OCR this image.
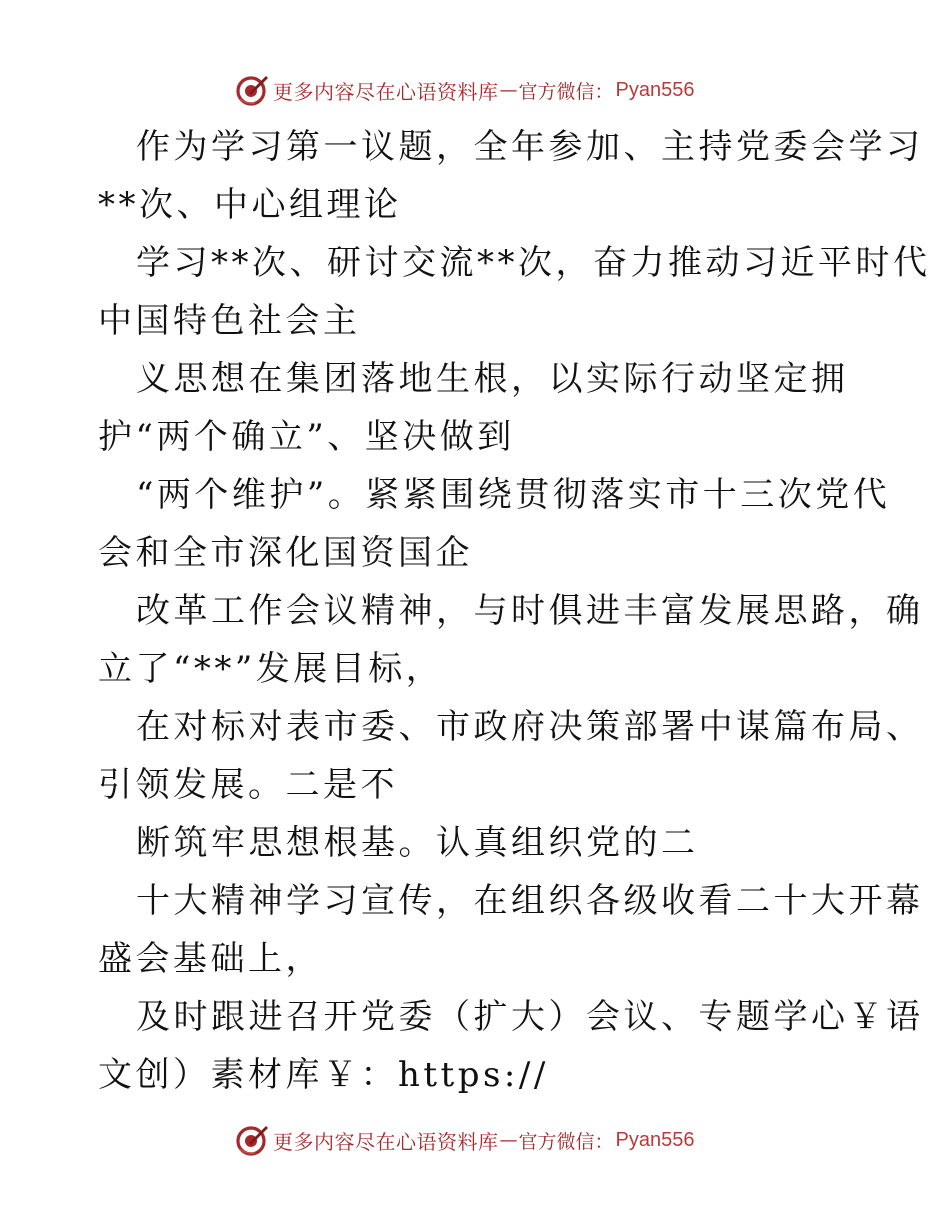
更多内容尽在心语资料库 — 官方微信： Pyan556
作为学习第一议题，全年参加、主持党委会学习
**次、中心组理论
学习**次、研讨交流**次，奋力推动习近平时代
中国特色社会主
义思想在集团落地生根，以实际行动坚定拥
护“两个确立”、坚决做到
“两个维护”。紧紧围绕贯彻落实市十三次党代
会和全市深化国资国企
改革工作会议精神，与时俱进丰富发展思路，确
立了“**”发展目标，
在对标对表市委、市政府决策部署中谋篇布局、
引领发展。二是不
断筑牢思想根基。认真组织党的二
十大精神学习宣传，在组织各级收看二十大开幕
盛会基础上，
及时跟进召开党委（扩大）会议、专题学心￥语
文创）素材库￥：https://
更多内容尽在心语资料库 — 官方微信： Pyan556
